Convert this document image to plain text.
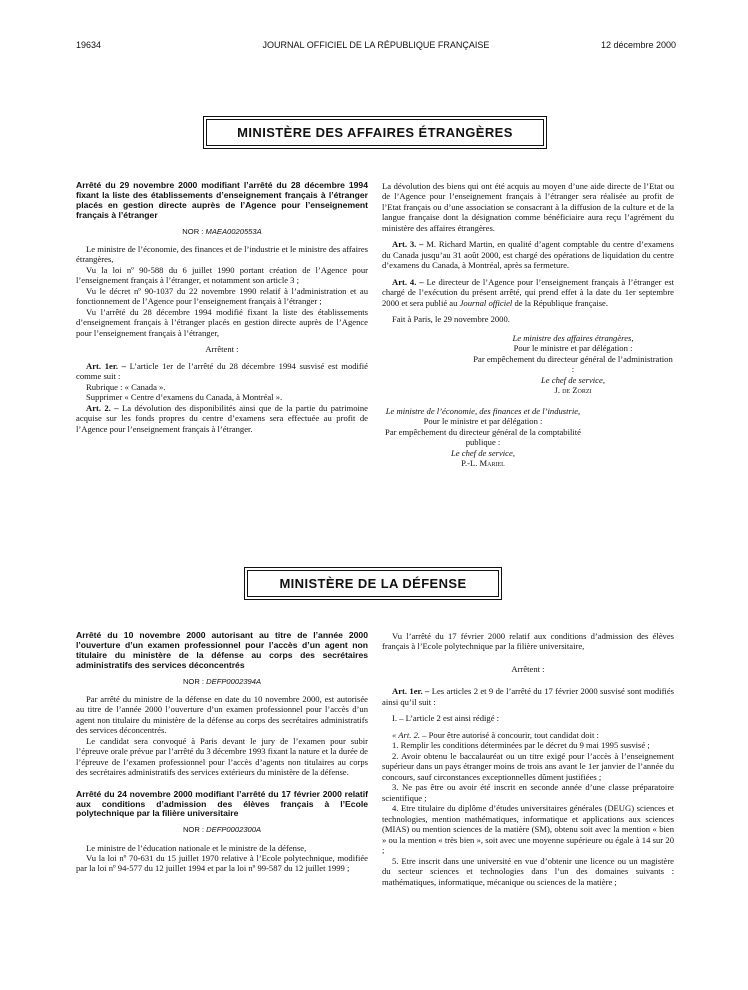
19634	JOURNAL OFFICIEL DE LA RÉPUBLIQUE FRANÇAISE	12 décembre 2000
MINISTÈRE DES AFFAIRES ÉTRANGÈRES
Arrêté du 29 novembre 2000 modifiant l’arrêté du 28 décembre 1994 fixant la liste des établissements d’enseignement français à l’étranger placés en gestion directe auprès de l’Agence pour l’enseignement français à l’étranger
NOR : MAEA0020553A

Le ministre de l’économie, des finances et de l’industrie et le ministre des affaires étrangères,

Vu la loi nº 90-588 du 6 juillet 1990 portant création de l’Agence pour l’enseignement français à l’étranger, et notamment son article 3 ;

Vu le décret nº 90-1037 du 22 novembre 1990 relatif à l’administration et au fonctionnement de l’Agence pour l’enseignement français à l’étranger ;

Vu l’arrêté du 28 décembre 1994 modifié fixant la liste des établissements d’enseignement français à l’étranger placés en gestion directe auprès de l’Agence pour l’enseignement français à l’étranger,

Arrêtent :

Art. 1er. – L’article 1er de l’arrêté du 28 décembre 1994 susvisé est modifié comme suit :

Rubrique : « Canada ».

Supprimer « Centre d’examens du Canada, à Montréal ».

Art. 2. – La dévolution des disponibilités ainsi que de la partie du patrimoine acquise sur les fonds propres du centre d’examens sera effectuée au profit de l’Agence pour l’enseignement français à l’étranger.

La dévolution des biens qui ont été acquis au moyen d’une aide directe de l’Etat ou de l’Agence pour l’enseignement français à l’étranger sera réalisée au profit de l’Etat français ou d’une association se consacrant à la diffusion de la culture et de la langue française dont la désignation comme bénéficiaire aura reçu l’agrément du ministère des affaires étrangères.

Art. 3. – M. Richard Martin, en qualité d’agent comptable du centre d’examens du Canada jusqu’au 31 août 2000, est chargé des opérations de liquidation du centre d’examens du Canada, à Montréal, après sa fermeture.

Art. 4. – Le directeur de l’Agence pour l’enseignement français à l’étranger est chargé de l’exécution du présent arrêté, qui prend effet à la date du 1er septembre 2000 et sera publié au Journal officiel de la République française.

Fait à Paris, le 29 novembre 2000.

Le ministre des affaires étrangères,
Pour le ministre et par délégation :
Par empêchement du directeur général de l’administration :
Le chef de service,
J. de Zorzi
Le ministre de l’économie, des finances et de l’industrie,
Pour le ministre et par délégation :
Par empêchement du directeur général de la comptabilité publique :
Le chef de service,
P.-L. Mariel
MINISTÈRE DE LA DÉFENSE
Arrêté du 10 novembre 2000 autorisant au titre de l’année 2000 l’ouverture d’un examen professionnel pour l’accès d’un agent non titulaire du ministère de la défense au corps des secrétaires administratifs des services déconcentrés
NOR : DEFP0002394A

Par arrêté du ministre de la défense en date du 10 novembre 2000, est autorisée au titre de l’année 2000 l’ouverture d’un examen professionnel pour l’accès d’un agent non titulaire du ministère de la défense au corps des secrétaires administratifs des services déconcentrés.

Le candidat sera convoqué à Paris devant le jury de l’examen pour subir l’épreuve orale prévue par l’arrêté du 3 décembre 1993 fixant la nature et la durée de l’épreuve de l’examen professionnel pour l’accès d’agents non titulaires au corps des secrétaires administratifs des services extérieurs du ministère de la défense.

Arrêté du 24 novembre 2000 modifiant l’arrêté du 17 février 2000 relatif aux conditions d’admission des élèves français à l’Ecole polytechnique par la filière universitaire
NOR : DEFP0002300A

Le ministre de l’éducation nationale et le ministre de la défense,

Vu la loi nº 70-631 du 15 juillet 1970 relative à l’Ecole polytechnique, modifiée par la loi nº 94-577 du 12 juillet 1994 et par la loi nº 99-587 du 12 juillet 1999 ;

Vu l’arrêté du 17 février 2000 relatif aux conditions d’admission des élèves français à l’Ecole polytechnique par la filière universitaire,

Arrêtent :

Art. 1er. – Les articles 2 et 9 de l’arrêté du 17 février 2000 susvisé sont modifiés ainsi qu’il suit :

I. – L’article 2 est ainsi rédigé :

« Art. 2. – Pour être autorisé à concourir, tout candidat doit :

1. Remplir les conditions déterminées par le décret du 9 mai 1995 susvisé ;

2. Avoir obtenu le baccalauréat ou un titre exigé pour l’accès à l’enseignement supérieur dans un pays étranger moins de trois ans avant le 1er janvier de l’année du concours, sauf circonstances exceptionnelles dûment justifiées ;

3. Ne pas être ou avoir été inscrit en seconde année d’une classe préparatoire scientifique ;

4. Etre titulaire du diplôme d’études universitaires générales (DEUG) sciences et technologies, mention mathématiques, informatique et applications aux sciences (MIAS) ou mention sciences de la matière (SM), obtenu soit avec la mention « bien » ou la mention « très bien », soit avec une moyenne supérieure ou égale à 14 sur 20 ;

5. Etre inscrit dans une université en vue d’obtenir une licence ou un magistère du secteur sciences et technologies dans l’un des domaines suivants : mathématiques, informatique, mécanique ou sciences de la matière ;
